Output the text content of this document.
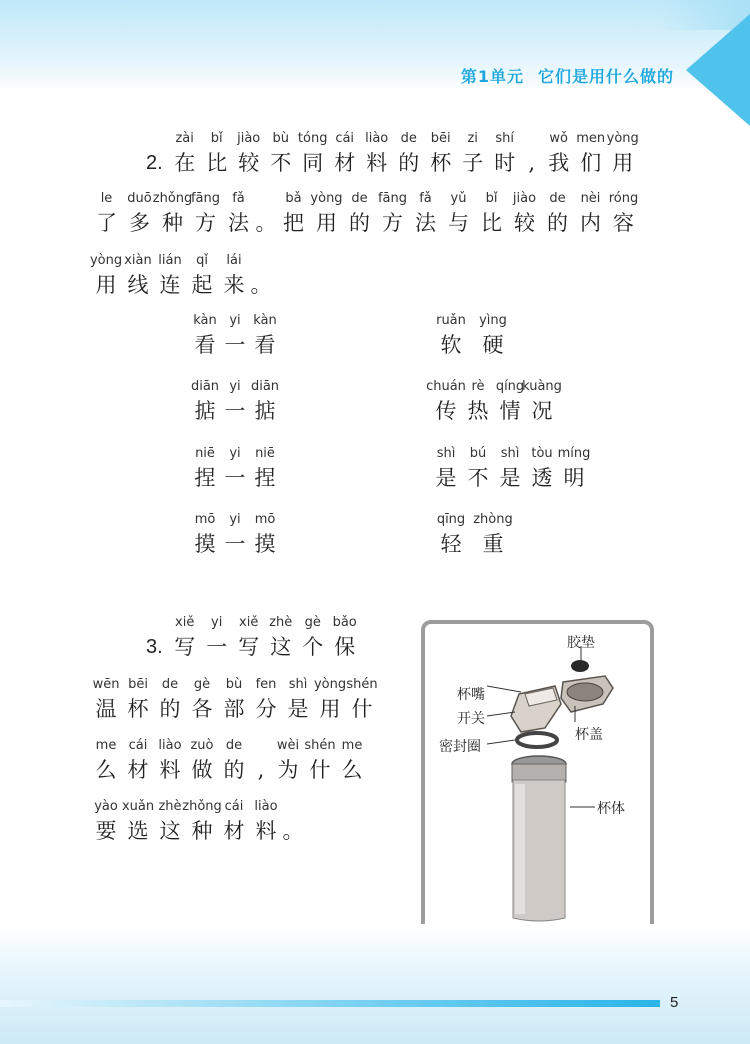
第1单元 它们是用什么做的
2.
zài
在
bǐ
比
jiào
较
bù
不
tóng
同
cái
材
liào
料
de
的
bēi
杯
zi
子
shí
时 ,
wǒ
我
men
们
yòng
用
le
了
duō
多
zhǒng
种
fāng
方
fǎ
法 。
bǎ
把
yòng
用
de
的
fāng
方
fǎ
法
yǔ
与
bǐ
比
jiào
较
de
的
nèi
内
róng
容
yòng
用
xiàn
线
lián
连
qǐ
起
lái
来 。
kàn
看
yi
一
kàn
看
diān
掂
yi
一
diān
掂
niē
捏
yi
一
niē
捏
mō
摸
yi
一
mō
摸
ruǎn
软
yìng
硬
chuán
传
rè
热
qíng
情
kuàng
况
shì
是
bú
不
shì
是
tòu
透
míng
明
qīng
轻
zhòng
重
3.
xiě
写
yi
一
xiě
写
zhè
这
gè
个
bǎo
保
wēn
温
bēi
杯
de
的
gè
各
bù
部
fen
分
shì
是
yòng
用
shén
什
me
么
cái
材
liào
料
zuò
做
de
的 ,
wèi
为
shén
什
me
么
yào
要
xuǎn
选
zhè
这
zhǒng
种
cái
材
liào
料 。
胶垫
杯嘴
开关
杯盖
密封圈
杯体
5
